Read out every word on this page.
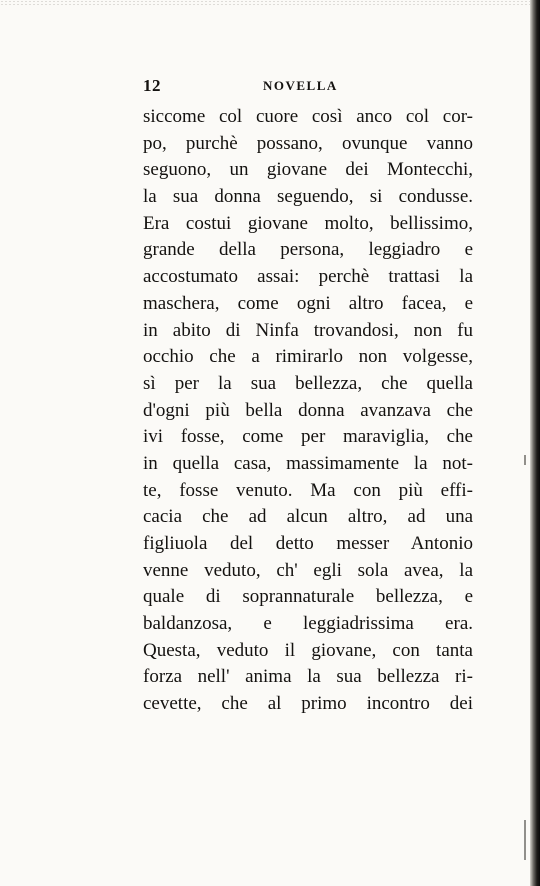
12	NOVELLA
siccome col cuore così anco col cor-
po, purchè possano, ovunque vanno
seguono, un giovane dei Montecchi,
la sua donna seguendo, si condusse.
Era costui giovane molto, bellissimo,
grande della persona, leggiadro e
accostumato assai: perchè trattasi la
maschera, come ogni altro facea, e
in abito di Ninfa trovandosi, non fu
occhio che a rimirarlo non volgesse,
sì per la sua bellezza, che quella
d'ogni più bella donna avanzava che
ivi fosse, come per maraviglia, che
in quella casa, massimamente la not-
te, fosse venuto. Ma con più effi-
cacia che ad alcun altro, ad una
figliuola del detto messer Antonio
venne veduto, ch' egli sola avea, la
quale di soprannaturale bellezza, e
baldanzosa, e leggiadrissima era.
Questa, veduto il giovane, con tanta
forza nell' anima la sua bellezza ri-
cevette, che al primo incontro dei
